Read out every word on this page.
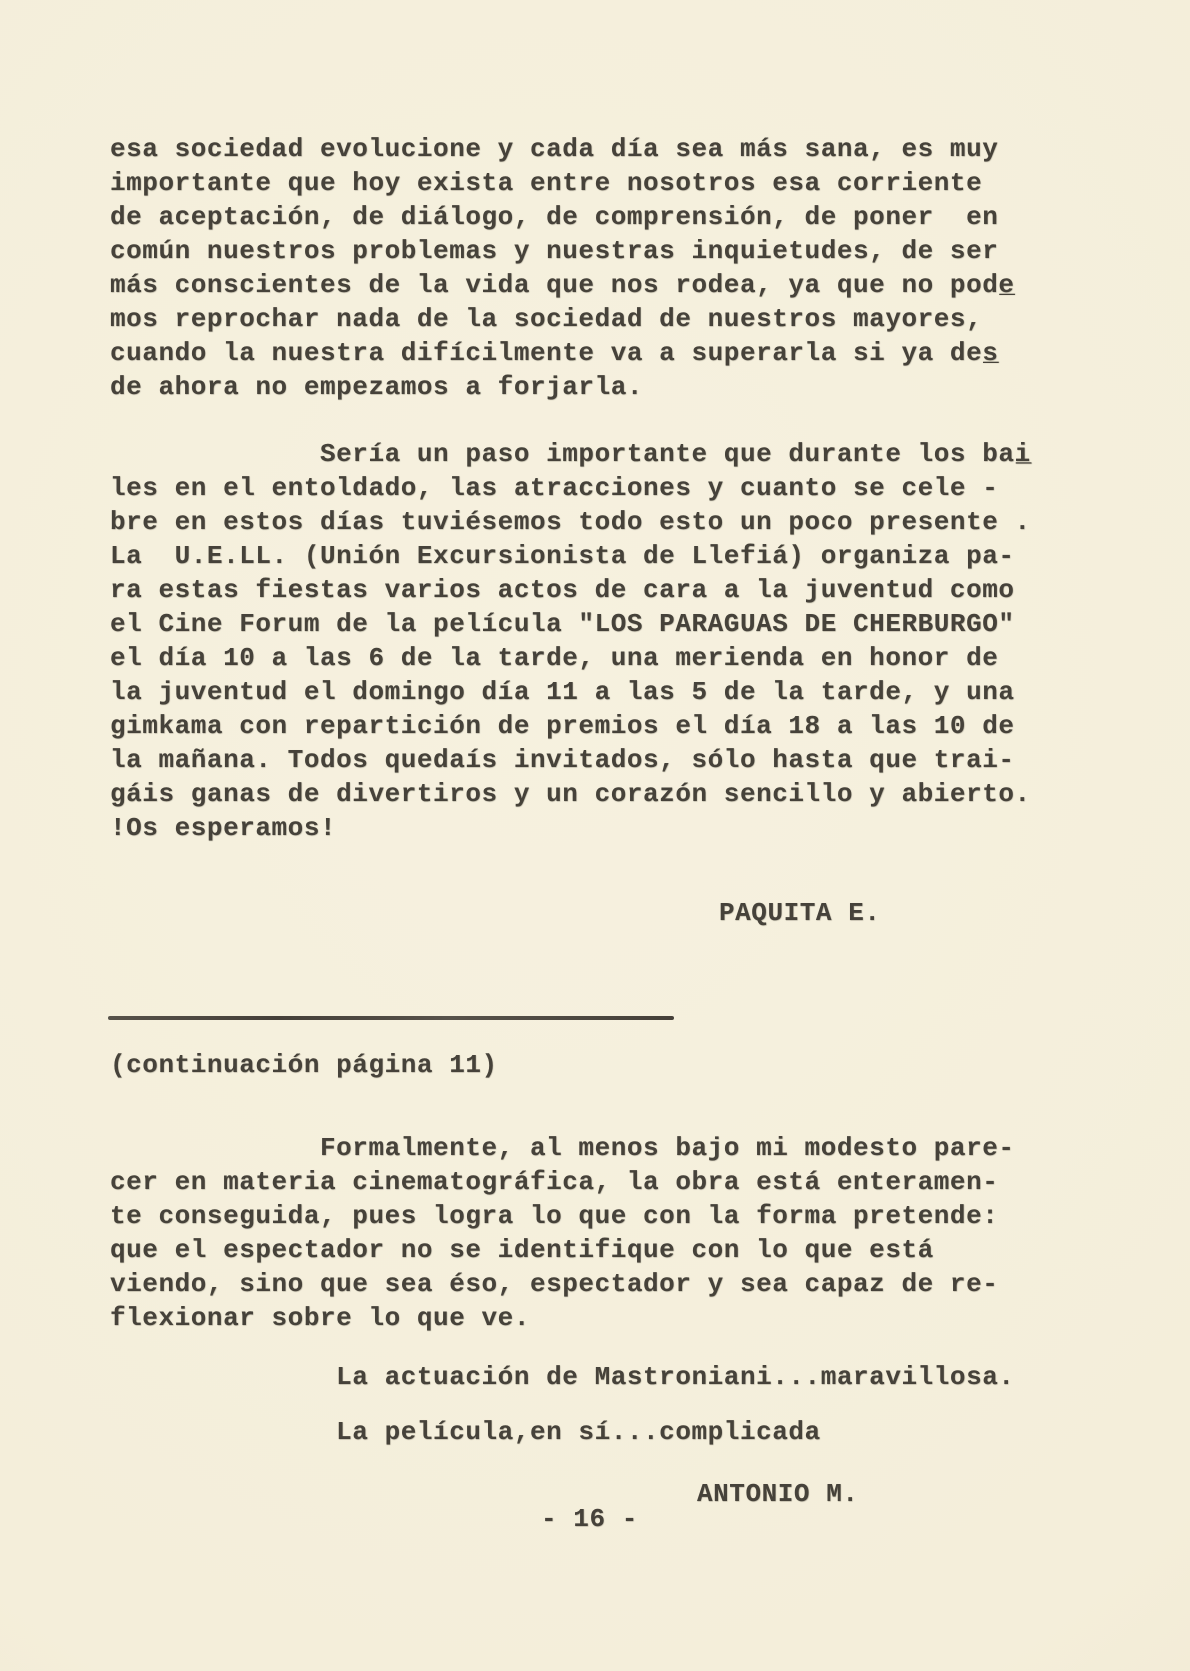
esa sociedad evolucione y cada día sea más sana, es muy
importante que hoy exista entre nosotros esa corriente
de aceptación, de diálogo, de comprensión, de poner  en
común nuestros problemas y nuestras inquietudes, de ser
más conscientes de la vida que nos rodea, ya que no pode̲
mos reprochar nada de la sociedad de nuestros mayores,
cuando la nuestra difícilmente va a superarla si ya des̲
de ahora no empezamos a forjarla.
Sería un paso importante que durante los bai̲
les en el entoldado, las atracciones y cuanto se cele -
bre en estos días tuviésemos todo esto un poco presente .
La  U.E.LL. (Unión Excursionista de Llefiá) organiza pa-
ra estas fiestas varios actos de cara a la juventud como
el Cine Forum de la película "LOS PARAGUAS DE CHERBURGO"
el día 10 a las 6 de la tarde, una merienda en honor de
la juventud el domingo día 11 a las 5 de la tarde, y una
gimkama con repartición de premios el día 18 a las 10 de
la mañana. Todos quedaís invitados, sólo hasta que trai-
gáis ganas de divertiros y un corazón sencillo y abierto.
!Os esperamos!
PAQUITA E.
(continuación página 11)
Formalmente, al menos bajo mi modesto pare-
cer en materia cinematográfica, la obra está enteramen-
te conseguida, pues logra lo que con la forma pretende:
que el espectador no se identifique con lo que está
viendo, sino que sea éso, espectador y sea capaz de re-
flexionar sobre lo que ve.
La actuación de Mastroniani...maravillosa.
La película,en sí...complicada
ANTONIO M.
- 16 -
